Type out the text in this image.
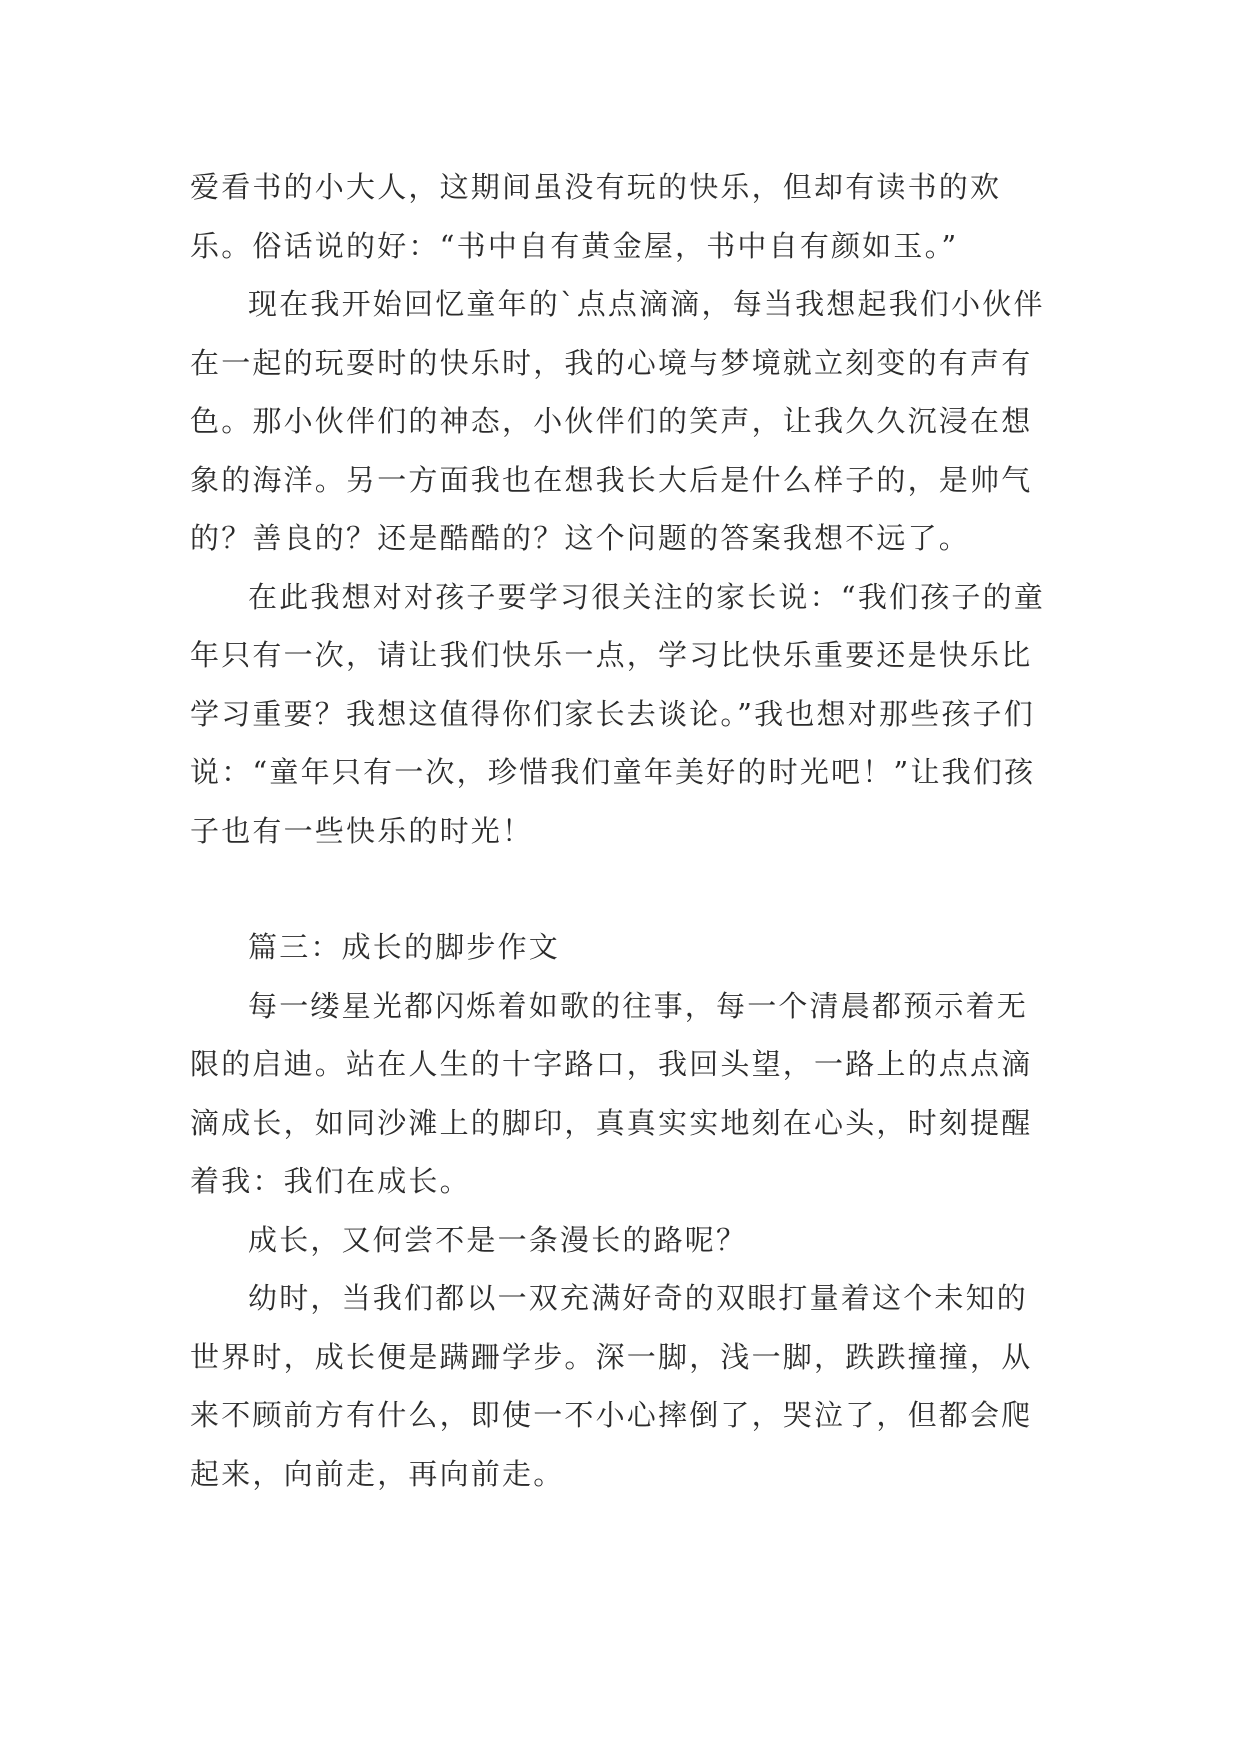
爱看书的小大人，这期间虽没有玩的快乐，但却有读书的欢乐。俗话说的好：“书中自有黄金屋，书中自有颜如玉。”

现在我开始回忆童年的`点点滴滴，每当我想起我们小伙伴在一起的玩耍时的快乐时，我的心境与梦境就立刻变的有声有色。那小伙伴们的神态，小伙伴们的笑声，让我久久沉浸在想象的海洋。另一方面我也在想我长大后是什么样子的，是帅气的？善良的？还是酷酷的？这个问题的答案我想不远了。

在此我想对对孩子要学习很关注的家长说：“我们孩子的童年只有一次，请让我们快乐一点，学习比快乐重要还是快乐比学习重要？我想这值得你们家长去谈论。”我也想对那些孩子们说：“童年只有一次，珍惜我们童年美好的时光吧！”让我们孩子也有一些快乐的时光！

篇三：成长的脚步作文

每一缕星光都闪烁着如歌的往事，每一个清晨都预示着无限的启迪。站在人生的十字路口，我回头望，一路上的点点滴滴成长，如同沙滩上的脚印，真真实实地刻在心头，时刻提醒着我：我们在成长。

成长，又何尝不是一条漫长的路呢？

幼时，当我们都以一双充满好奇的双眼打量着这个未知的世界时，成长便是蹒跚学步。深一脚，浅一脚，跌跌撞撞，从来不顾前方有什么，即使一不小心摔倒了，哭泣了，但都会爬起来，向前走，再向前走。
